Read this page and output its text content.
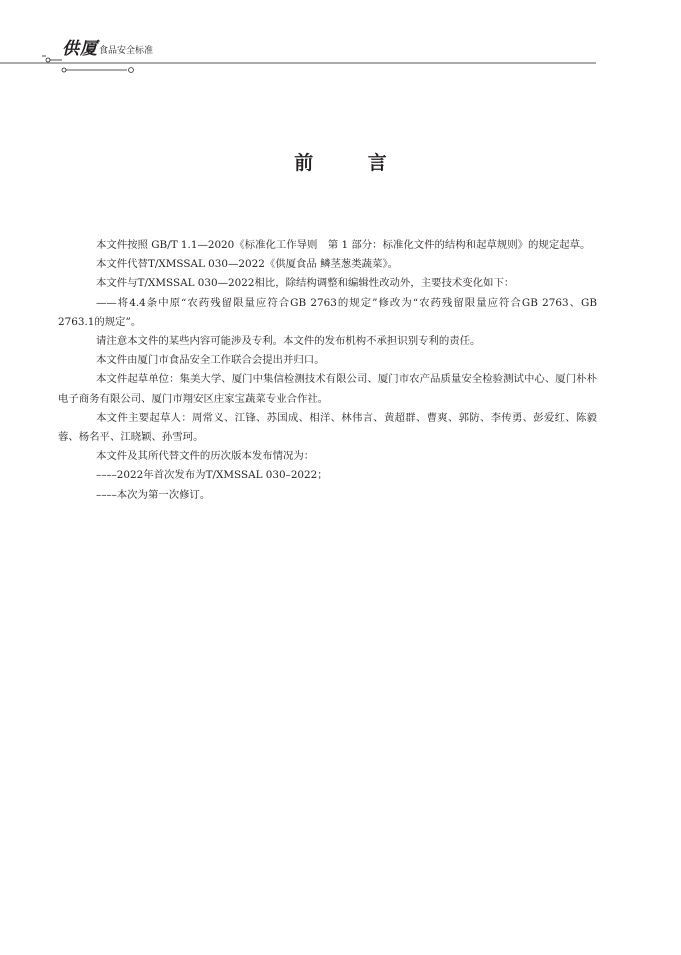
供厦 食品安全标准
前 言

本文件按照 GB/T 1.1—2020《标准化工作导则　第 1 部分：标准化文件的结构和起草规则》的规定起草。

本文件代替T/XMSSAL 030—2022《供厦食品 鳞茎葱类蔬菜》。

本文件与T/XMSSAL 030—2022相比，除结构调整和编辑性改动外，主要技术变化如下：

——将4.4条中原“农药残留限量应符合GB 2763的规定”修改为“农药残留限量应符合GB 2763、GB 2763.1的规定”。

请注意本文件的某些内容可能涉及专利。本文件的发布机构不承担识别专利的责任。

本文件由厦门市食品安全工作联合会提出并归口。

本文件起草单位：集美大学、厦门中集信检测技术有限公司、厦门市农产品质量安全检验测试中心、厦门朴朴电子商务有限公司、厦门市翔安区庄家宝蔬菜专业合作社。

本文件主要起草人：周常义、江锋、苏国成、相洋、林伟言、黄超群、曹爽、郭防、李传勇、彭爱红、陈毅蓉、杨名平、江晓颖、孙雪珂。

本文件及其所代替文件的历次版本发布情况为：

––––2022年首次发布为T/XMSSAL 030–2022；

––––本次为第一次修订。
